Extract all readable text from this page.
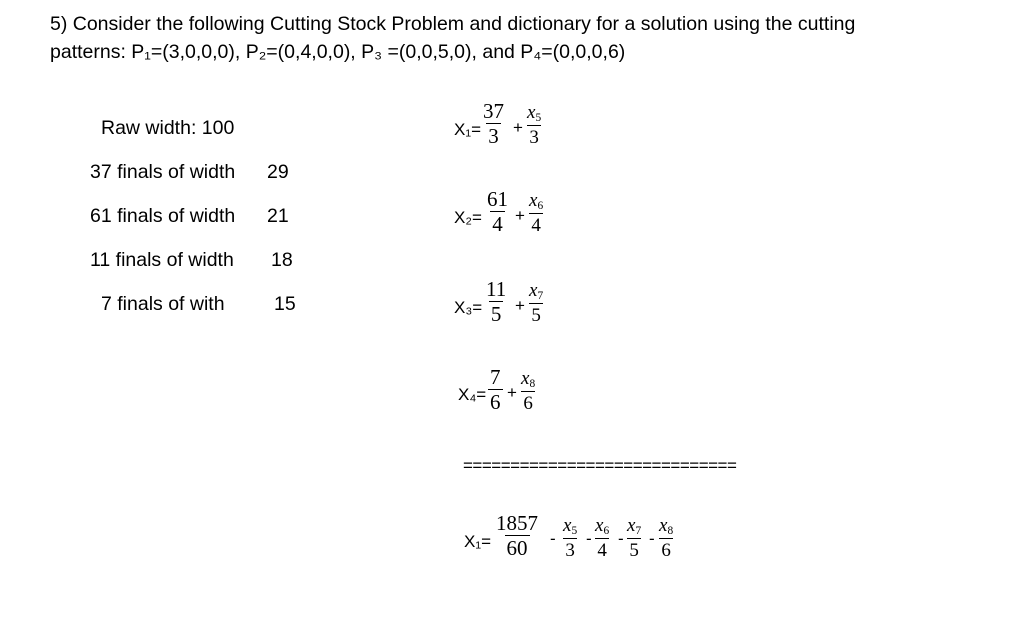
5) Consider the following Cutting Stock Problem and dictionary for a solution using the cutting
patterns: P₁=(3,0,0,0), P₂=(0,4,0,0), P₃ =(0,0,5,0), and P₄=(0,0,0,6)
Raw width: 100
37 finals of width 29
61 finals of width 21
11 finals of width 18
7 finals of with	15
$X_1= \frac{37}{3} + \frac{x_5}{3}$
$X_2= \frac{61}{4} + \frac{x_6}{4}$
$X_3= \frac{11}{5} + \frac{x_7}{5}$
$X_4= \frac{7}{6} + \frac{x_8}{6}$
=============================
$X_1= \frac{1857}{60} - \frac{x_5}{3} - \frac{x_6}{4} - \frac{x_7}{5} - \frac{x_8}{6}$
